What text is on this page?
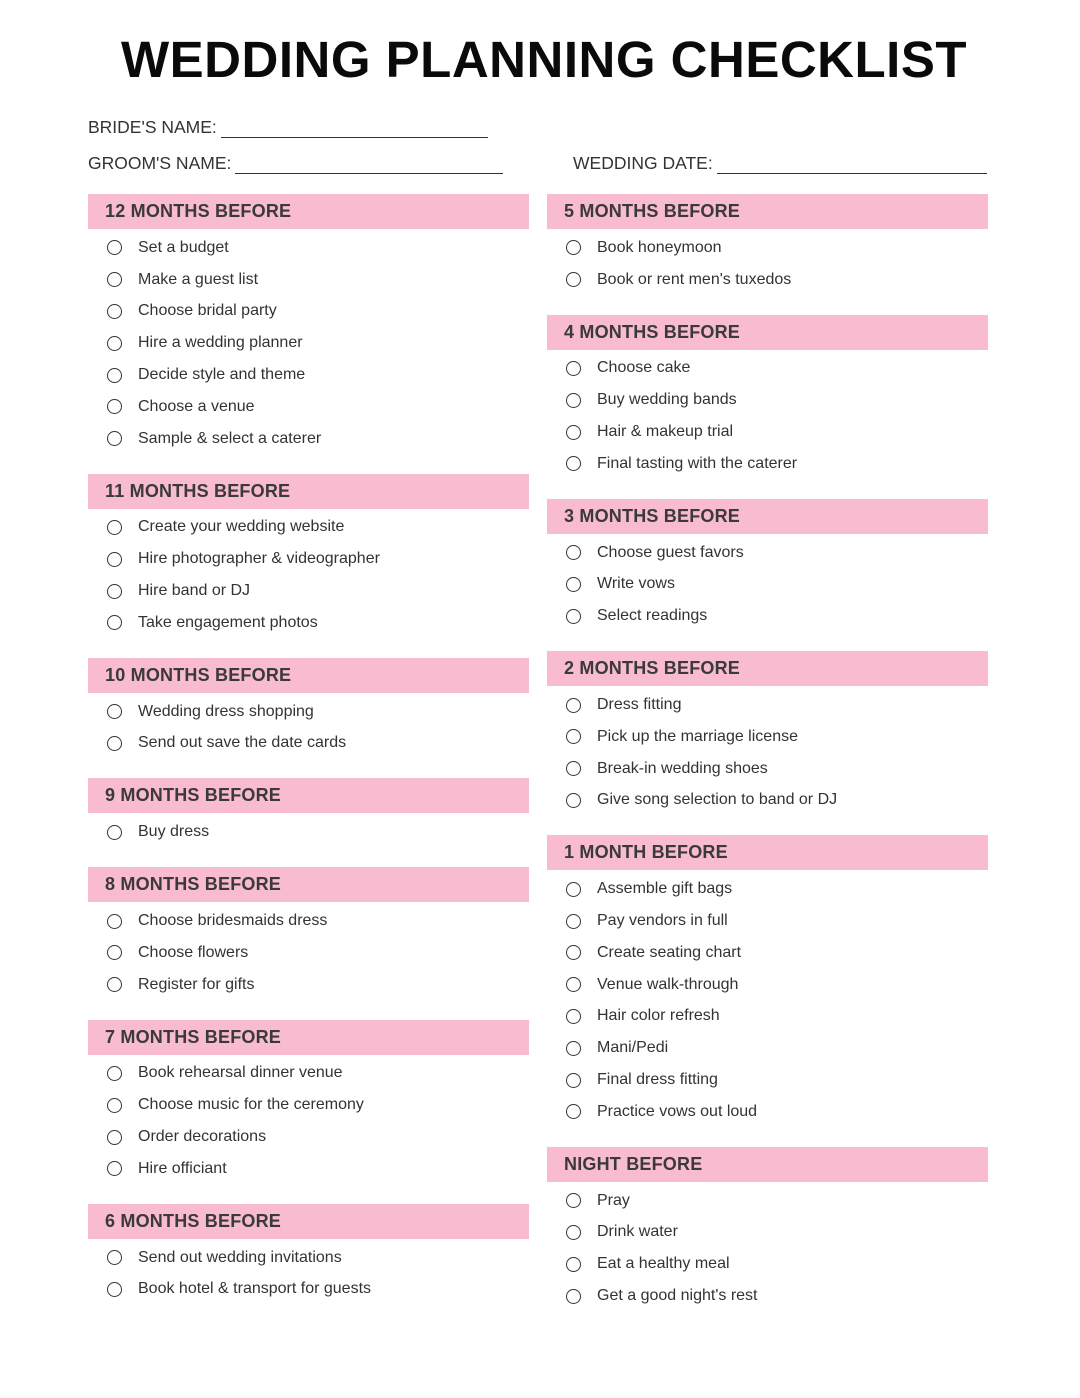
WEDDING PLANNING CHECKLIST
BRIDE'S NAME:
GROOM'S NAME:	WEDDING DATE:
12 MONTHS BEFORE
Set a budget
Make a guest list
Choose bridal party
Hire a wedding planner
Decide style and theme
Choose a venue
Sample & select a caterer
11 MONTHS BEFORE
Create your wedding website
Hire photographer & videographer
Hire band or DJ
Take engagement photos
10 MONTHS BEFORE
Wedding dress shopping
Send out save the date cards
9 MONTHS BEFORE
Buy dress
8 MONTHS BEFORE
Choose bridesmaids dress
Choose flowers
Register for gifts
7 MONTHS BEFORE
Book rehearsal dinner venue
Choose music for the ceremony
Order decorations
Hire officiant
6 MONTHS BEFORE
Send out wedding invitations
Book hotel & transport for guests
5 MONTHS BEFORE
Book honeymoon
Book or rent men's tuxedos
4 MONTHS BEFORE
Choose cake
Buy wedding bands
Hair & makeup trial
Final tasting with the caterer
3 MONTHS BEFORE
Choose guest favors
Write vows
Select readings
2 MONTHS BEFORE
Dress fitting
Pick up the marriage license
Break-in wedding shoes
Give song selection to band or DJ
1 MONTH BEFORE
Assemble gift bags
Pay vendors in full
Create seating chart
Venue walk-through
Hair color refresh
Mani/Pedi
Final dress fitting
Practice vows out loud
NIGHT BEFORE
Pray
Drink water
Eat a healthy meal
Get a good night's rest
